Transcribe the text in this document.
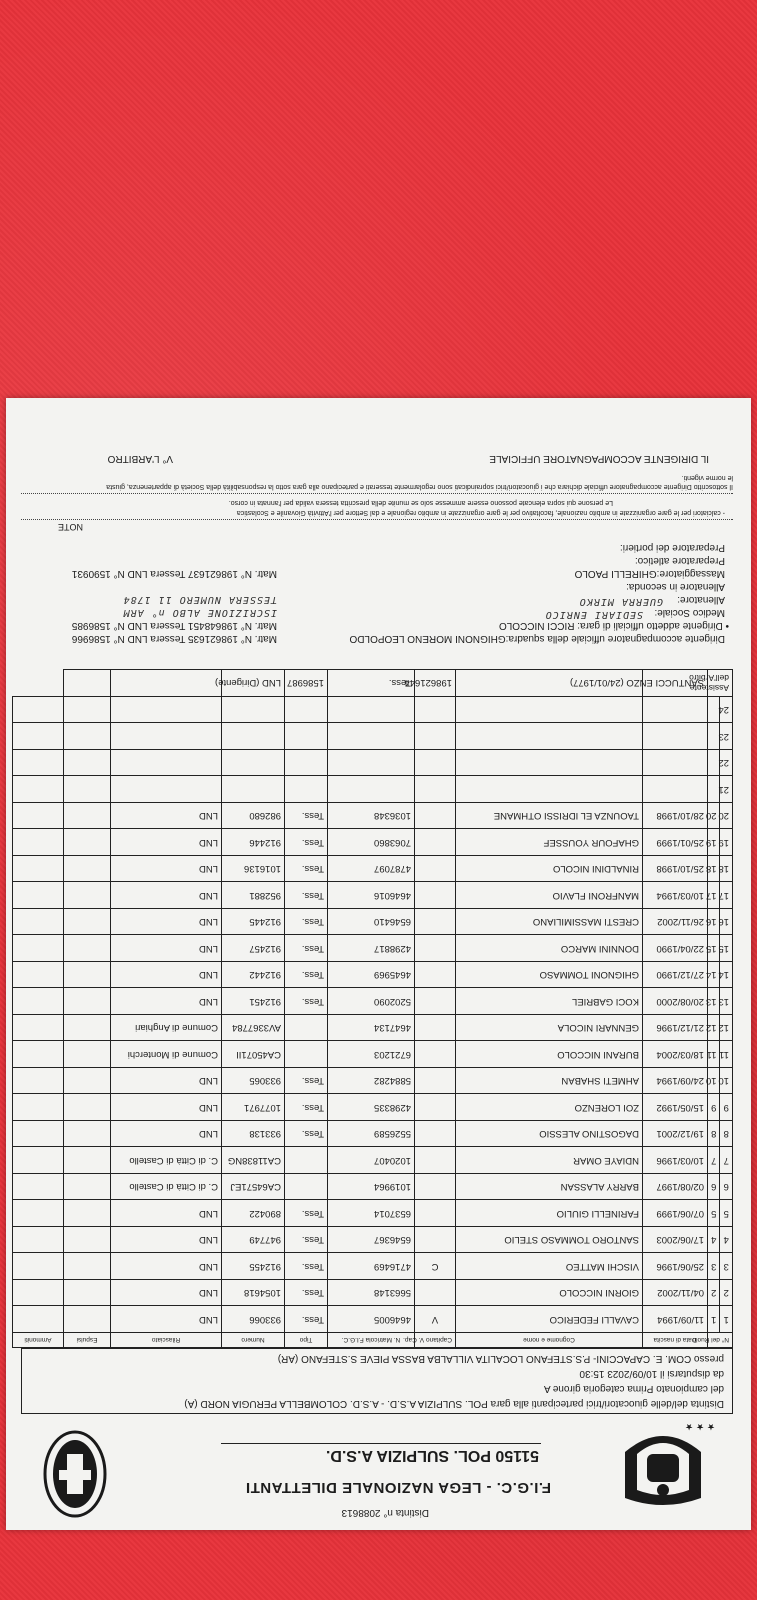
Distinta n° 2088613
F.I.G.C. - LEGA NAZIONALE DILETTANTI
51150 POL. SULPIZIA A.S.D.
★ ★ ★
Distinta del/delle giuocatori/trici partecipanti alla gara POL. SULPIZIA A.S.D. - A.S.D. COLOMBELLA PERUGIA NORD (A)
del campionato Prima categoria girone A
da disputarsi il 10/09/2023 15:30
presso COM. E. CAPACCINI- P.S.STEFANO LOCALITA VILLALBA BASSA PIEVE S.STEFANO (AR)
N° del Ruolo		Data di nascita	Cognome e nome	Capitano V. Cap.	N. Matricola F.I.G.C.	Tipo	Numero	Rilasciato	Espulsi	Ammoniti	
1	1	11/09/1994	CAVALLI FEDERICO	V	4646005	Tess.	933066	LND			
2	2	04/11/2002	GIORNI NICCOLO		5663148	Tess.	1054618	LND			
3	3	25/06/1996	VISCHI MATTEO	C	4716469	Tess.	912455	LND			
4	4	17/06/2003	SANTORO TOMMASO STELIO		6546367	Tess.	947749	LND			
5	5	07/06/1999	FARINELLI GIULIO		6537014	Tess.	890422	LND			
6	6	02/08/1997	BARRY ALASSAN		1019964		CA64571EJ	C. di Città di Castello			
7	7	10/03/1996	NDIAYE OMAR		1020407		CA11838NG	C. di Città di Castello			
8	8	19/12/2001	DAGOSTINO ALESSIO		5526589	Tess.	933138	LND			
9	9	15/05/1992	ZOI LORENZO		4298335	Tess.	1077971	LND			
10	10	24/09/1994	AHMETI SHABAN		5884282	Tess.	933065	LND			
11	11	18/03/2004	BURANI NICCOLO		6721203		CA45071II	Comune di Monterchi			
12	12	21/12/1996	GENNARI NICOLA		4647134		AV3367784	Comune di Anghiari			
13	13	20/08/2000	KOCI GABRIEL		5202090	Tess.	912451	LND			
14	14	27/12/1990	GHIGNONI TOMMASO		4645969	Tess.	912442	LND			
15	15	22/04/1990	DONNINI MARCO		4298817	Tess.	912457	LND			
16	16	26/11/2002	CRESTI MASSIMILIANO		6546410	Tess.	912445	LND			
17	17	10/03/1994	MANFRONI FLAVIO		4646016	Tess.	952881	LND			
18	18	25/10/1998	RINALDINI NICOLO		4787097	Tess.	1016136	LND			
19	19	25/01/1999	GHAFOUR YOUSSEF		7063860	Tess.	912446	LND			
20	20	28/10/1998	TAOUNZA EL IDRISSI OTHMANE		1036348	Tess.	982680	LND			
21											
22											
23											
24											
Assistente dell'Arbitro		SANTUCCI ENZO (24/01/1977)		198621644	Tess.	1586987	LND (Dirigente)				
Dirigente accompagnatore ufficiale della squadra:GHIGNONI MORENO LEOPOLDO
Matr. N° 198621635 Tessera LND N° 1586966
• Dirigente addetto ufficiali di gara: RICCI NICCOLO
Matr. N° 198648451 Tessera LND N° 1586985
Medico Sociale:
SEDIARI ENRICO
ISCRIZIONE ALBO n° ARM
Allenatore:
GUERRA MIRKO
TESSERA NUMERO 11 1784
Allenatore in seconda:
Massaggiatore:GHIRELLI PAOLO
Matr. N° 198621637 Tessera LND N° 1590931
Preparatore atletico:
Preparatore dei portieri:
NOTE
- calciatori per le gare organizzate in ambito nazionale, facoltativo per le gare organizzate in ambito regionale e dal Settore per l'Attività Giovanile e Scolastica
Le persone qui sopra elencate possono essere ammesse solo se munite della prescritta tessera valida per l'annata in corso.
Il sottoscritto Dirigente accompagnatore ufficiale dichiara che i giuocatori/trici sopraindicati sono regolarmente tesserati e partecipano alla gara sotto la responsabilità della Società di appartenenza, giusta
le norme vigenti.
IL DIRIGENTE ACCOMPAGNATORE UFFICIALE
V° L'ARBITRO
